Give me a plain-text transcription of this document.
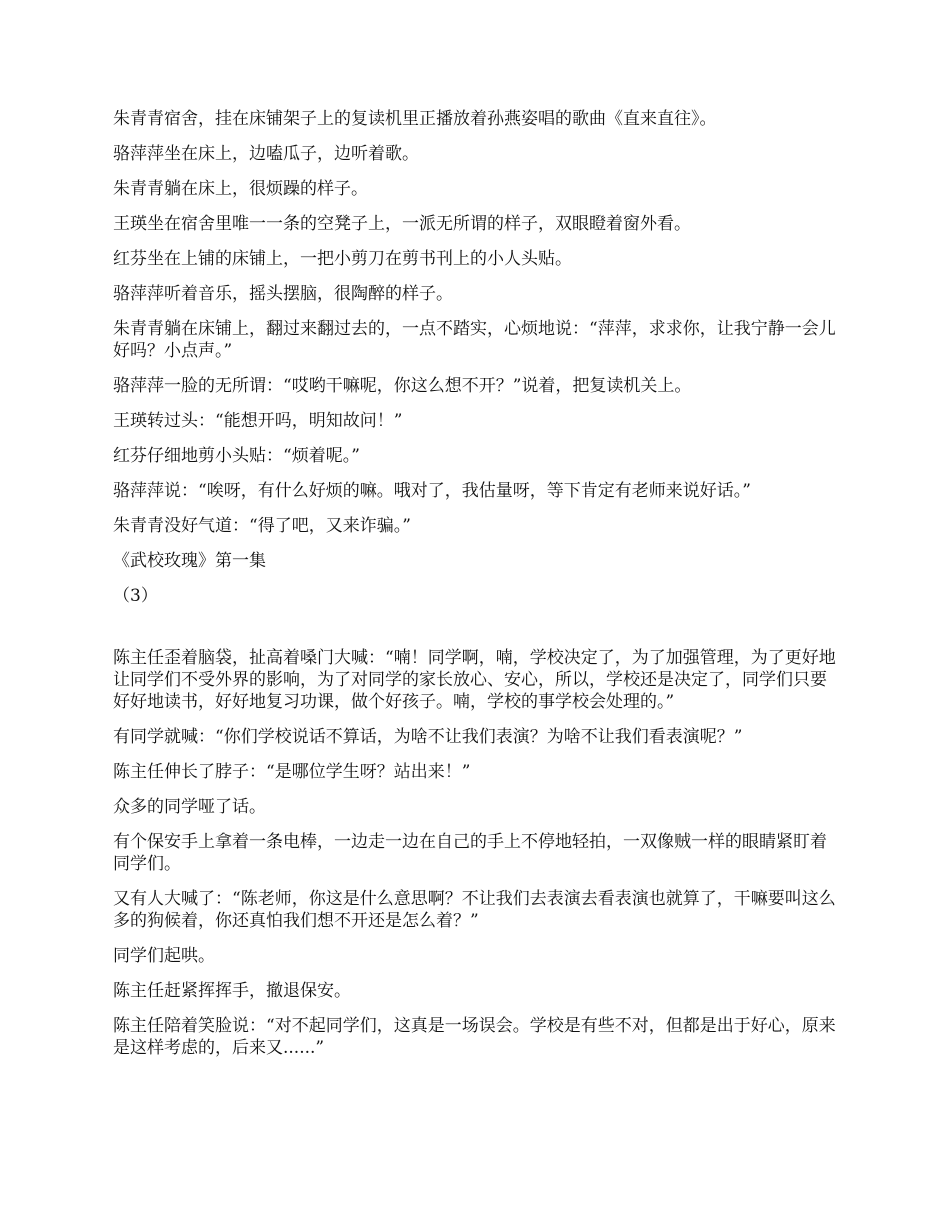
朱青青宿舍，挂在床铺架子上的复读机里正播放着孙燕姿唱的歌曲《直来直往》。

骆萍萍坐在床上，边嗑瓜子，边听着歌。

朱青青躺在床上，很烦躁的样子。

王瑛坐在宿舍里唯一一条的空凳子上，一派无所谓的样子，双眼瞪着窗外看。

红芬坐在上铺的床铺上，一把小剪刀在剪书刊上的小人头贴。

骆萍萍听着音乐，摇头摆脑，很陶醉的样子。

朱青青躺在床铺上，翻过来翻过去的，一点不踏实，心烦地说：“萍萍，求求你，让我宁静一会儿好吗？小点声。”

骆萍萍一脸的无所谓：“哎哟干嘛呢，你这么想不开？”说着，把复读机关上。

王瑛转过头：“能想开吗，明知故问！”

红芬仔细地剪小头贴：“烦着呢。”

骆萍萍说：“唉呀，有什么好烦的嘛。哦对了，我估量呀，等下肯定有老师来说好话。”

朱青青没好气道：“得了吧，又来诈骗。”

《武校玫瑰》第一集

（3）

陈主任歪着脑袋，扯高着嗓门大喊：“喃！同学啊，喃，学校决定了，为了加强管理，为了更好地让同学们不受外界的影响，为了对同学的家长放心、安心，所以，学校还是决定了，同学们只要好好地读书，好好地复习功课，做个好孩子。喃，学校的事学校会处理的。”

有同学就喊：“你们学校说话不算话，为啥不让我们表演？为啥不让我们看表演呢？”

陈主任伸长了脖子：“是哪位学生呀？站出来！”

众多的同学哑了话。

有个保安手上拿着一条电棒，一边走一边在自己的手上不停地轻拍，一双像贼一样的眼睛紧盯着同学们。

又有人大喊了：“陈老师，你这是什么意思啊？不让我们去表演去看表演也就算了，干嘛要叫这么多的狗候着，你还真怕我们想不开还是怎么着？”

同学们起哄。

陈主任赶紧挥挥手，撤退保安。

陈主任陪着笑脸说：“对不起同学们，这真是一场误会。学校是有些不对，但都是出于好心，原来是这样考虑的，后来又......”
